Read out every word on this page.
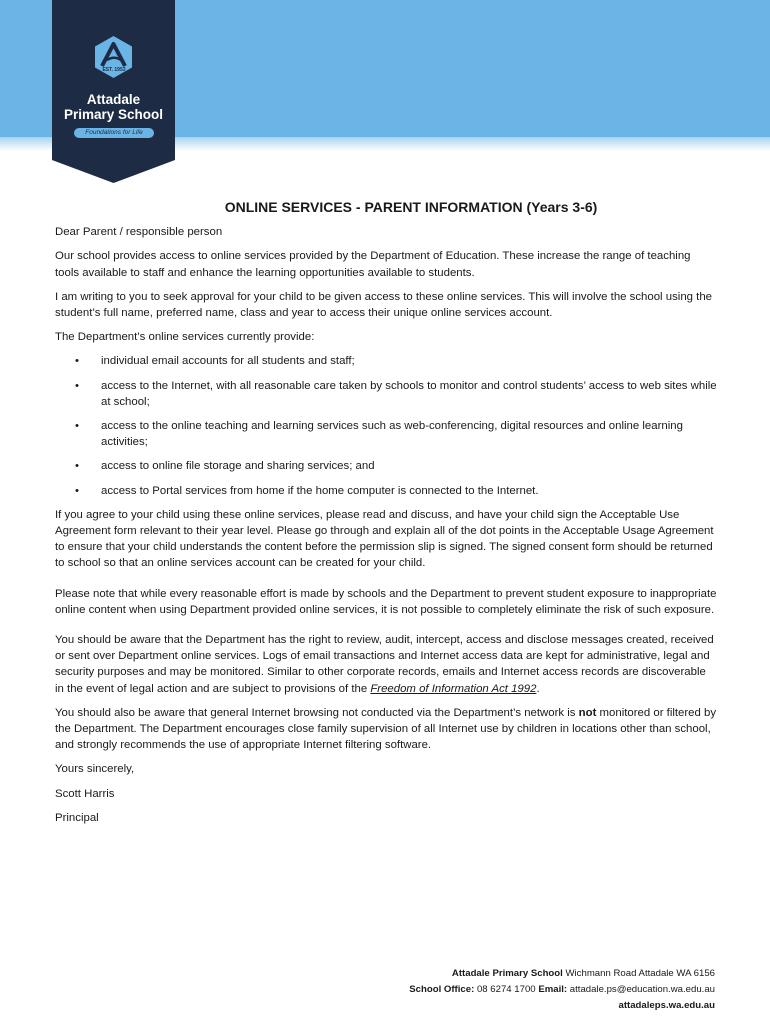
EST. 1953
Attadale
Primary School
Foundations for Life
ONLINE SERVICES - PARENT INFORMATION (Years 3-6)

Dear Parent / responsible person

Our school provides access to online services provided by the Department of Education. These increase the range of teaching tools available to staff and enhance the learning opportunities available to students.

I am writing to you to seek approval for your child to be given access to these online services. This will involve the school using the student’s full name, preferred name, class and year to access their unique online services account.

The Department’s online services currently provide:

• individual email accounts for all students and staff;
• access to the Internet, with all reasonable care taken by schools to monitor and control students’ access to web sites while at school;
• access to the online teaching and learning services such as web-conferencing, digital resources and online learning activities;
• access to online file storage and sharing services; and
• access to Portal services from home if the home computer is connected to the Internet.

If you agree to your child using these online services, please read and discuss, and have your child sign the Acceptable Use Agreement form relevant to their year level. Please go through and explain all of the dot points in the Acceptable Usage Agreement to ensure that your child understands the content before the permission slip is signed. The signed consent form should be returned to school so that an online services account can be created for your child.

Please note that while every reasonable effort is made by schools and the Department to prevent student exposure to inappropriate online content when using Department provided online services, it is not possible to completely eliminate the risk of such exposure.

You should be aware that the Department has the right to review, audit, intercept, access and disclose messages created, received or sent over Department online services. Logs of email transactions and Internet access data are kept for administrative, legal and security purposes and may be monitored. Similar to other corporate records, emails and Internet access records are discoverable in the event of legal action and are subject to provisions of the Freedom of Information Act 1992.

You should also be aware that general Internet browsing not conducted via the Department’s network is not monitored or filtered by the Department. The Department encourages close family supervision of all Internet use by children in locations other than school, and strongly recommends the use of appropriate Internet filtering software.

Yours sincerely,

Scott Harris

Principal

Attadale Primary School Wichmann Road Attadale WA 6156
School Office: 08 6274 1700 Email: attadale.ps@education.wa.edu.au
attadaleps.wa.edu.au
